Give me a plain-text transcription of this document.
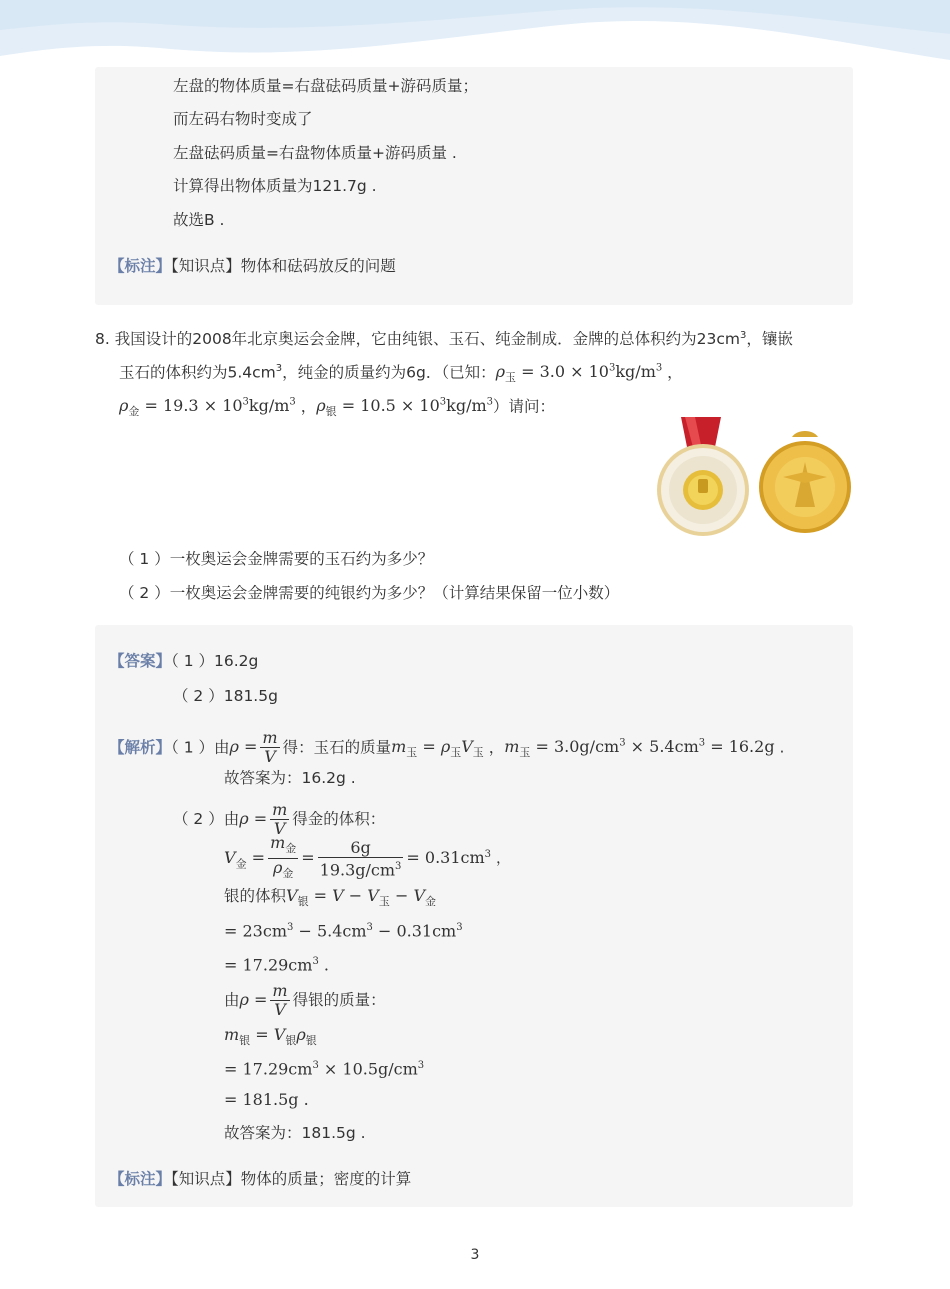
左盘的物体质量=右盘砝码质量+游码质量；
而左码右物时变成了
左盘砝码质量=右盘物体质量+游码质量 .
计算得出物体质量为121.7g .
故选B .
【标注】【知识点】物体和砝码放反的问题
8. 我国设计的2008年北京奥运会金牌，它由纯银、玉石、纯金制成．金牌的总体积约为$23cm^3$，镶嵌
玉石的体积约为$5.4cm^3$，纯金的质量约为6g．（已知：$\rho_玉 = 3.0 \times 10^3kg/m^3$ ，
$\rho_金 = 19.3 \times 10^3kg/m^3$ ，$\rho_银 = 10.5 \times 10^3kg/m^3$）请问：
（ 1 ）一枚奥运会金牌需要的玉石约为多少？
（ 2 ）一枚奥运会金牌需要的纯银约为多少？（计算结果保留一位小数）
【答案】（ 1 ）16.2g
（ 2 ）181.5g
【解析】（ 1 ）由$\rho = \frac{m}{V}$ 得：玉石的质量$m_玉 = \rho_玉V_玉$ ，$m_玉 = 3.0g/cm^3 \times 5.4cm^3 = 16.2g$ .
故答案为：16.2g .
（ 2 ）由$\rho = \frac{m}{V}$ 得金的体积：
$V_金 = \frac{m_金}{\rho_金} = \frac{6g}{19.3g/cm^3} = 0.31cm^3$ ，
银的体积$V_银 = V - V_玉 - V_金$
= $23cm^3 - 5.4cm^3 - 0.31cm^3$
= $17.29cm^3$ .
由$\rho = \frac{m}{V}$ 得银的质量：
$m_银 = V_银\rho_银$
= $17.29cm^3 \times 10.5g/cm^3$
= 181.5g .
故答案为：181.5g .
【标注】【知识点】物体的质量；密度的计算
3
